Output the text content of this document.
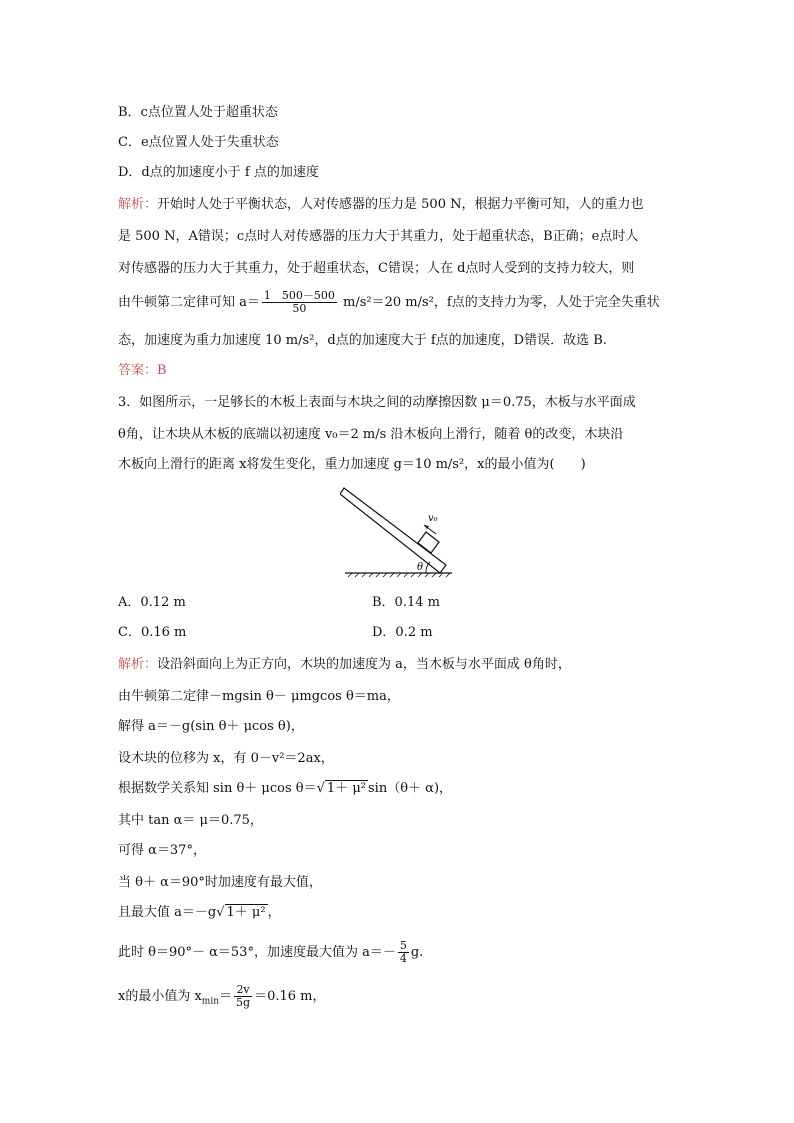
B．c点位置人处于超重状态
C．e点位置人处于失重状态
D．d点的加速度小于 f 点的加速度
解析：开始时人处于平衡状态，人对传感器的压力是 500 N，根据力平衡可知，人的重力也
是 500 N，A错误；c点时人对传感器的压力大于其重力，处于超重状态，B正确；e点时人
对传感器的压力大于其重力，处于超重状态，C错误；人在 d点时人受到的支持力较大，则
由牛顿第二定律可知 $a= \frac{1 500-500}{50} m/s^2=20$ m/s²，f点的支持力为零，人处于完全失重状
态，加速度为重力加速度 10 m/s²，d点的加速度大于 f点的加速度，D错误．故选 B.
答案：B
3．如图所示，一足够长的木板上表面与木块之间的动摩擦因数 μ＝0.75，木板与水平面成
θ角，让木块从木板的底端以初速度 v₀＝2 m/s 沿木板向上滑行，随着 θ的改变，木块沿
木板向上滑行的距离 x将发生变化，重力加速度 g＝10 m/s²，x的最小值为(　　)
v₀
θ
A．0.12 m	B．0.14 m
C．0.16 m	D．0.2 m
解析：设沿斜面向上为正方向，木块的加速度为 a，当木板与水平面成 θ角时，
由牛顿第二定律－mgsin θ－ μmgcos θ＝ma，
解得 a＝－g(sin θ＋ μcos θ)，
设木块的位移为 x，有 0－v²＝2ax，
根据数学关系知 sin θ＋ μcos θ＝√ 1＋ μ² sin（θ＋ α)，
其中 tan α＝ μ＝0.75，
可得 α＝37°，
当 θ＋ α＝90°时加速度有最大值，
且最大值 a＝－g√ 1＋ μ² ，
此时 θ＝90°－ α＝53°，加速度最大值为 $a=- \frac{5}{4} g$.
x的最小值为 $x_{min}= \frac{2v}{5g} =0.16$ m，
